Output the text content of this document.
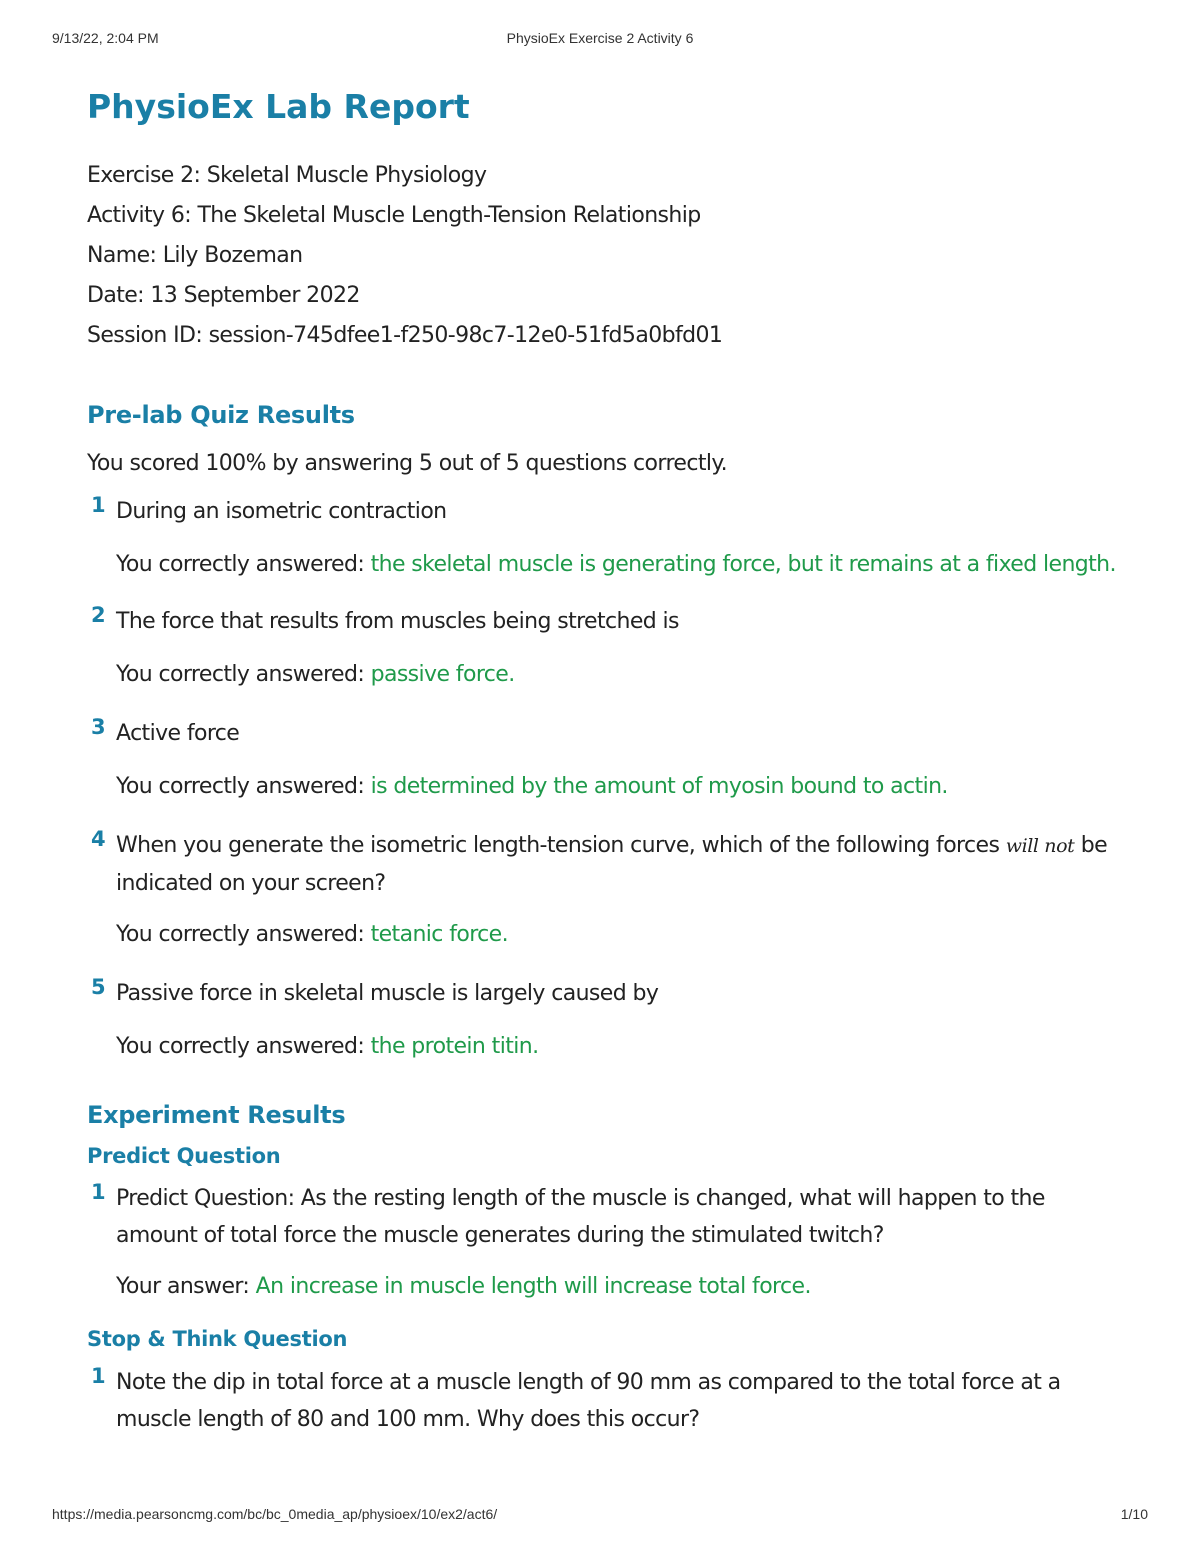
9/13/22, 2:04 PM	PhysioEx Exercise 2 Activity 6
PhysioEx Lab Report
Exercise 2: Skeletal Muscle Physiology
Activity 6: The Skeletal Muscle Length-Tension Relationship
Name: Lily Bozeman
Date: 13 September 2022
Session ID: session-745dfee1-f250-98c7-12e0-51fd5a0bfd01
Pre-lab Quiz Results

You scored 100% by answering 5 out of 5 questions correctly.

1 During an isometric contraction

You correctly answered: the skeletal muscle is generating force, but it remains at a fixed length.

2 The force that results from muscles being stretched is

You correctly answered: passive force.

3 Active force

You correctly answered: is determined by the amount of myosin bound to actin.

4 When you generate the isometric length-tension curve, which of the following forces will not be indicated on your screen?

You correctly answered: tetanic force.

5 Passive force in skeletal muscle is largely caused by

You correctly answered: the protein titin.

Experiment Results
Predict Question
1 Predict Question: As the resting length of the muscle is changed, what will happen to the amount of total force the muscle generates during the stimulated twitch?

Your answer: An increase in muscle length will increase total force.

Stop & Think Question
1 Note the dip in total force at a muscle length of 90 mm as compared to the total force at a muscle length of 80 and 100 mm. Why does this occur?

https://media.pearsoncmg.com/bc/bc_0media_ap/physioex/10/ex2/act6/	1/10
